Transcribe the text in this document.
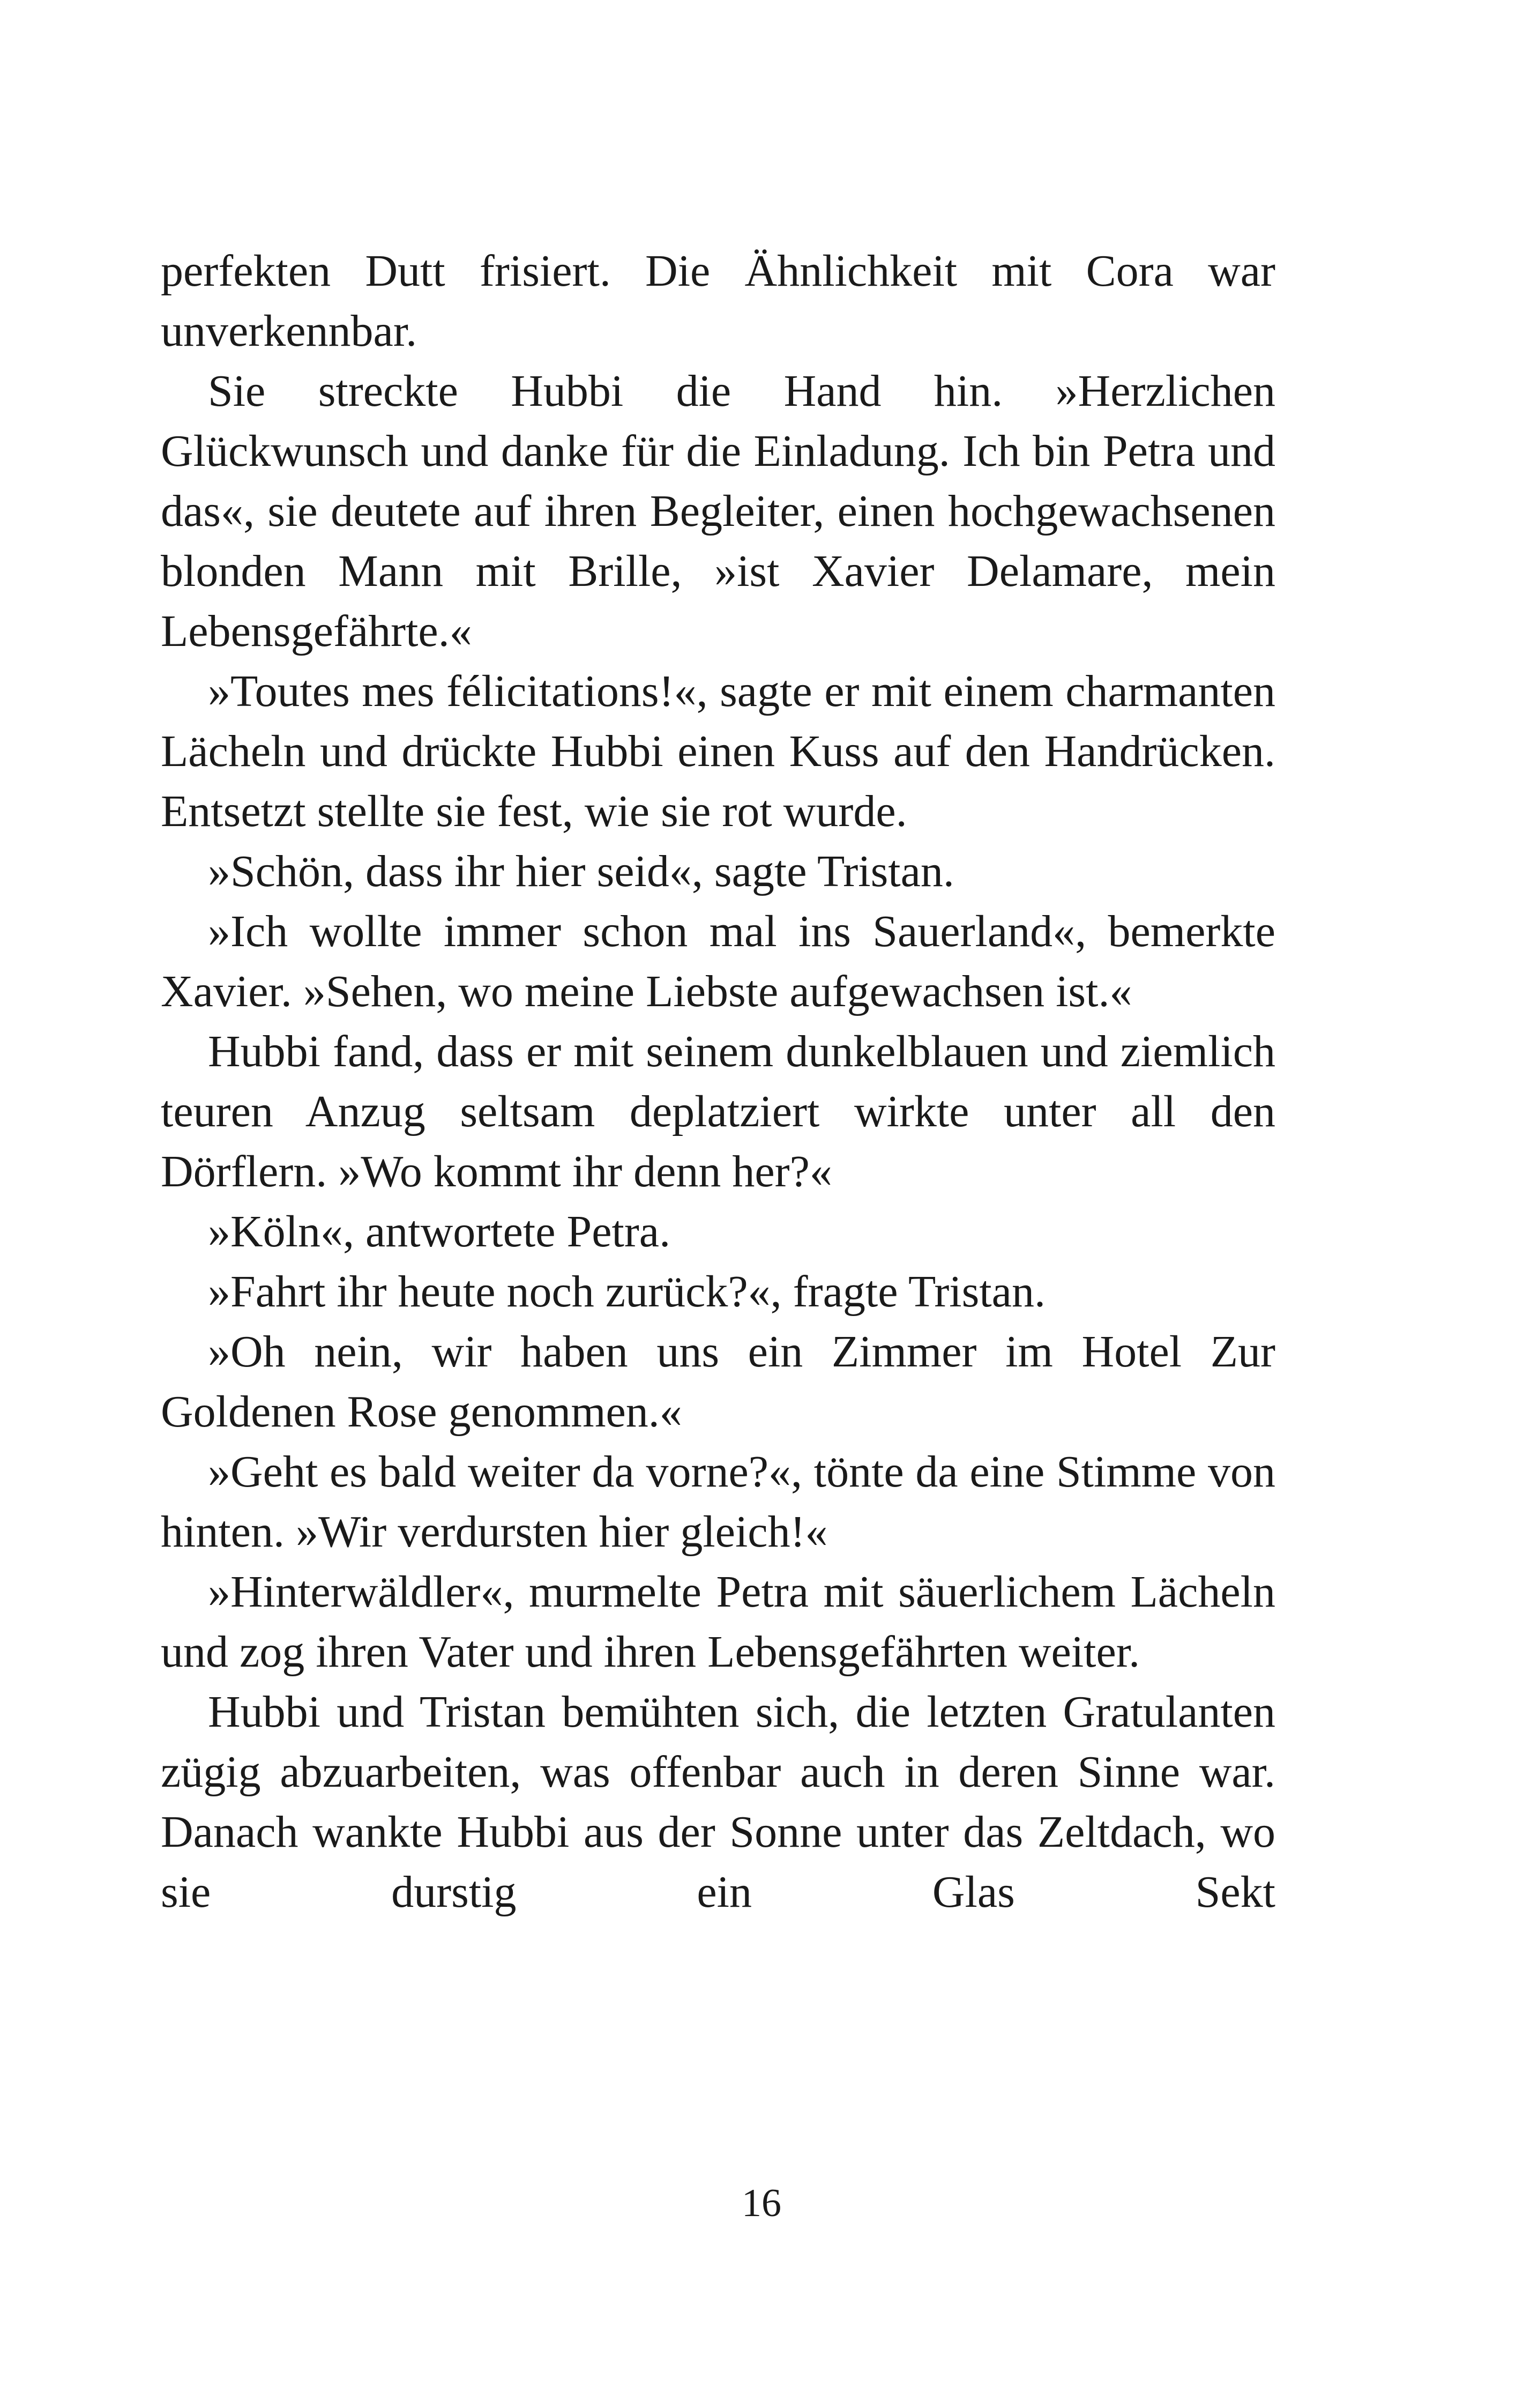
perfekten Dutt frisiert. Die Ähnlichkeit mit Cora war unverkennbar.

Sie streckte Hubbi die Hand hin. »Herzlichen Glückwunsch und danke für die Einladung. Ich bin Petra und das«, sie deutete auf ihren Begleiter, einen hochgewachsenen blonden Mann mit Brille, »ist Xavier Delamare, mein Lebensgefährte.«

»Toutes mes félicitations!«, sagte er mit einem charmanten Lächeln und drückte Hubbi einen Kuss auf den Handrücken. Entsetzt stellte sie fest, wie sie rot wurde.

»Schön, dass ihr hier seid«, sagte Tristan.

»Ich wollte immer schon mal ins Sauerland«, bemerkte Xavier. »Sehen, wo meine Liebste aufgewachsen ist.«

Hubbi fand, dass er mit seinem dunkelblauen und ziemlich teuren Anzug seltsam deplatziert wirkte unter all den Dörflern. »Wo kommt ihr denn her?«

»Köln«, antwortete Petra.

»Fahrt ihr heute noch zurück?«, fragte Tristan.

»Oh nein, wir haben uns ein Zimmer im Hotel Zur Goldenen Rose genommen.«

»Geht es bald weiter da vorne?«, tönte da eine Stimme von hinten. »Wir verdursten hier gleich!«

»Hinterwäldler«, murmelte Petra mit säuerlichem Lächeln und zog ihren Vater und ihren Lebensgefährten weiter.

Hubbi und Tristan bemühten sich, die letzten Gratulanten zügig abzuarbeiten, was offenbar auch in deren Sinne war. Danach wankte Hubbi aus der Sonne unter das Zeltdach, wo sie durstig ein Glas Sekt

16
